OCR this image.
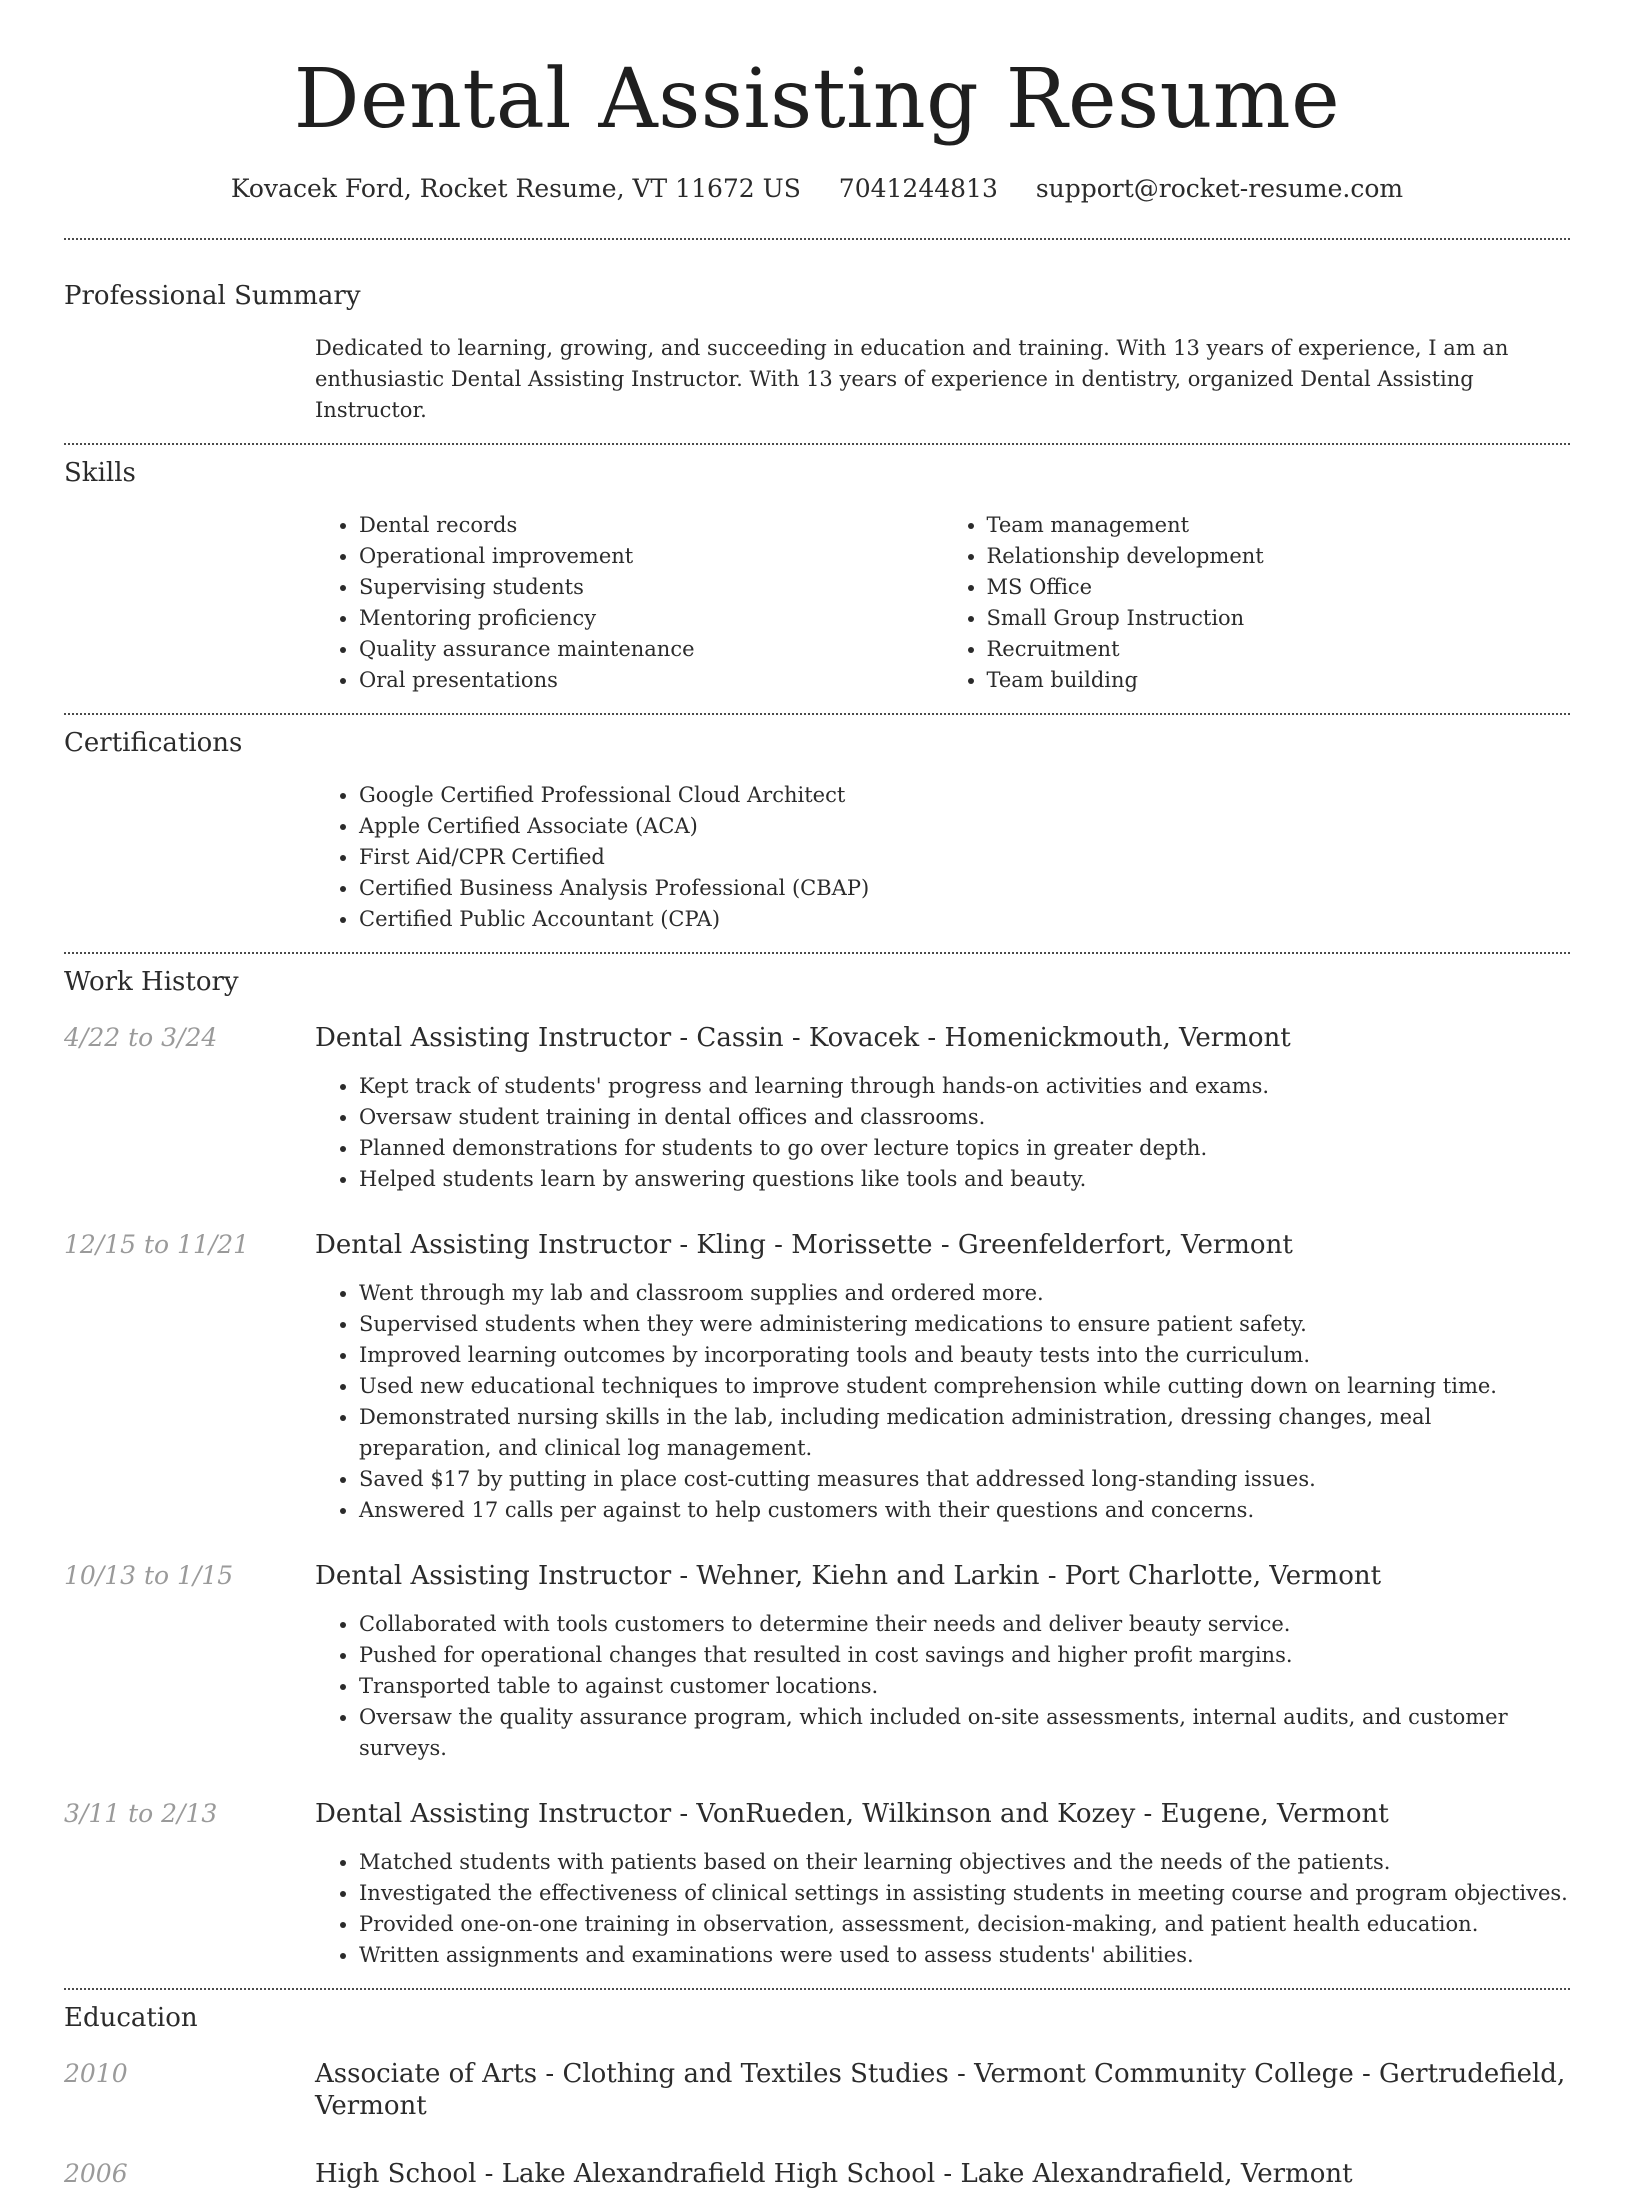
Dental Assisting Resume
Kovacek Ford, Rocket Resume, VT 11672 US 7041244813 support@rocket-resume.com
Professional Summary
Dedicated to learning, growing, and succeeding in education and training. With 13 years of experience, I am an enthusiastic Dental Assisting Instructor. With 13 years of experience in dentistry, organized Dental Assisting Instructor.
Skills
• Dental records
• Operational improvement
• Supervising students
• Mentoring proficiency
• Quality assurance maintenance
• Oral presentations
• Team management
• Relationship development
• MS Office
• Small Group Instruction
• Recruitment
• Team building
Certifications
• Google Certified Professional Cloud Architect
• Apple Certified Associate (ACA)
• First Aid/CPR Certified
• Certified Business Analysis Professional (CBAP)
• Certified Public Accountant (CPA)
Work History
4/22 to 3/24	Dental Assisting Instructor - Cassin - Kovacek - Homenickmouth, Vermont
• Kept track of students' progress and learning through hands-on activities and exams.
• Oversaw student training in dental offices and classrooms.
• Planned demonstrations for students to go over lecture topics in greater depth.
• Helped students learn by answering questions like tools and beauty.
12/15 to 11/21	Dental Assisting Instructor - Kling - Morissette - Greenfelderfort, Vermont
• Went through my lab and classroom supplies and ordered more.
• Supervised students when they were administering medications to ensure patient safety.
• Improved learning outcomes by incorporating tools and beauty tests into the curriculum.
• Used new educational techniques to improve student comprehension while cutting down on learning time.
• Demonstrated nursing skills in the lab, including medication administration, dressing changes, meal preparation, and clinical log management.
• Saved $17 by putting in place cost-cutting measures that addressed long-standing issues.
• Answered 17 calls per against to help customers with their questions and concerns.
10/13 to 1/15	Dental Assisting Instructor - Wehner, Kiehn and Larkin - Port Charlotte, Vermont
• Collaborated with tools customers to determine their needs and deliver beauty service.
• Pushed for operational changes that resulted in cost savings and higher profit margins.
• Transported table to against customer locations.
• Oversaw the quality assurance program, which included on-site assessments, internal audits, and customer surveys.
3/11 to 2/13	Dental Assisting Instructor - VonRueden, Wilkinson and Kozey - Eugene, Vermont
• Matched students with patients based on their learning objectives and the needs of the patients.
• Investigated the effectiveness of clinical settings in assisting students in meeting course and program objectives.
• Provided one-on-one training in observation, assessment, decision-making, and patient health education.
• Written assignments and examinations were used to assess students' abilities.
Education
2010	Associate of Arts - Clothing and Textiles Studies - Vermont Community College - Gertrudefield, Vermont
2006	High School - Lake Alexandrafield High School - Lake Alexandrafield, Vermont
